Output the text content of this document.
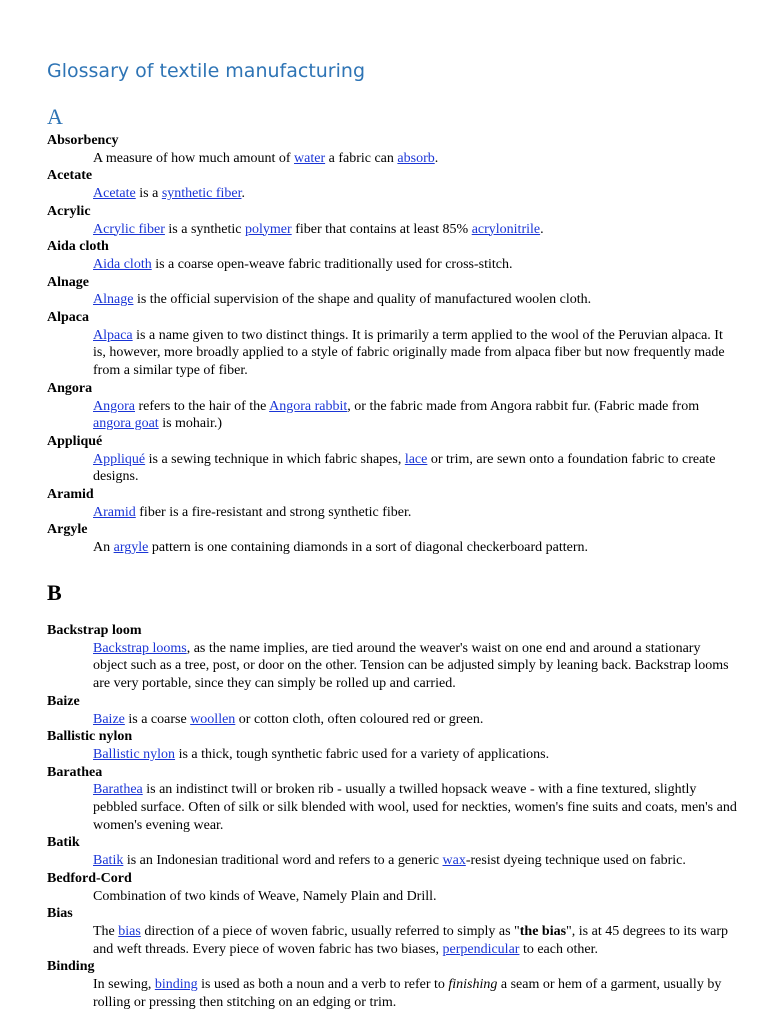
Glossary of textile manufacturing
A
Absorbency
A measure of how much amount of water a fabric can absorb.
Acetate
Acetate is a synthetic fiber.
Acrylic
Acrylic fiber is a synthetic polymer fiber that contains at least 85% acrylonitrile.
Aida cloth
Aida cloth is a coarse open-weave fabric traditionally used for cross-stitch.
Alnage
Alnage is the official supervision of the shape and quality of manufactured woolen cloth.
Alpaca
Alpaca is a name given to two distinct things. It is primarily a term applied to the wool of the Peruvian alpaca. It is, however, more broadly applied to a style of fabric originally made from alpaca fiber but now frequently made from a similar type of fiber.
Angora
Angora refers to the hair of the Angora rabbit, or the fabric made from Angora rabbit fur. (Fabric made from angora goat is mohair.)
Appliqué
Appliqué is a sewing technique in which fabric shapes, lace or trim, are sewn onto a foundation fabric to create designs.
Aramid
Aramid fiber is a fire-resistant and strong synthetic fiber.
Argyle
An argyle pattern is one containing diamonds in a sort of diagonal checkerboard pattern.
B
Backstrap loom
Backstrap looms, as the name implies, are tied around the weaver's waist on one end and around a stationary object such as a tree, post, or door on the other. Tension can be adjusted simply by leaning back. Backstrap looms are very portable, since they can simply be rolled up and carried.
Baize
Baize is a coarse woollen or cotton cloth, often coloured red or green.
Ballistic nylon
Ballistic nylon is a thick, tough synthetic fabric used for a variety of applications.
Barathea
Barathea is an indistinct twill or broken rib - usually a twilled hopsack weave - with a fine textured, slightly pebbled surface. Often of silk or silk blended with wool, used for neckties, women's fine suits and coats, men's and women's evening wear.
Batik
Batik is an Indonesian traditional word and refers to a generic wax-resist dyeing technique used on fabric.
Bedford-Cord
Combination of two kinds of Weave, Namely Plain and Drill.
Bias
The bias direction of a piece of woven fabric, usually referred to simply as "the bias", is at 45 degrees to its warp and weft threads. Every piece of woven fabric has two biases, perpendicular to each other.
Binding
In sewing, binding is used as both a noun and a verb to refer to finishing a seam or hem of a garment, usually by rolling or pressing then stitching on an edging or trim.
